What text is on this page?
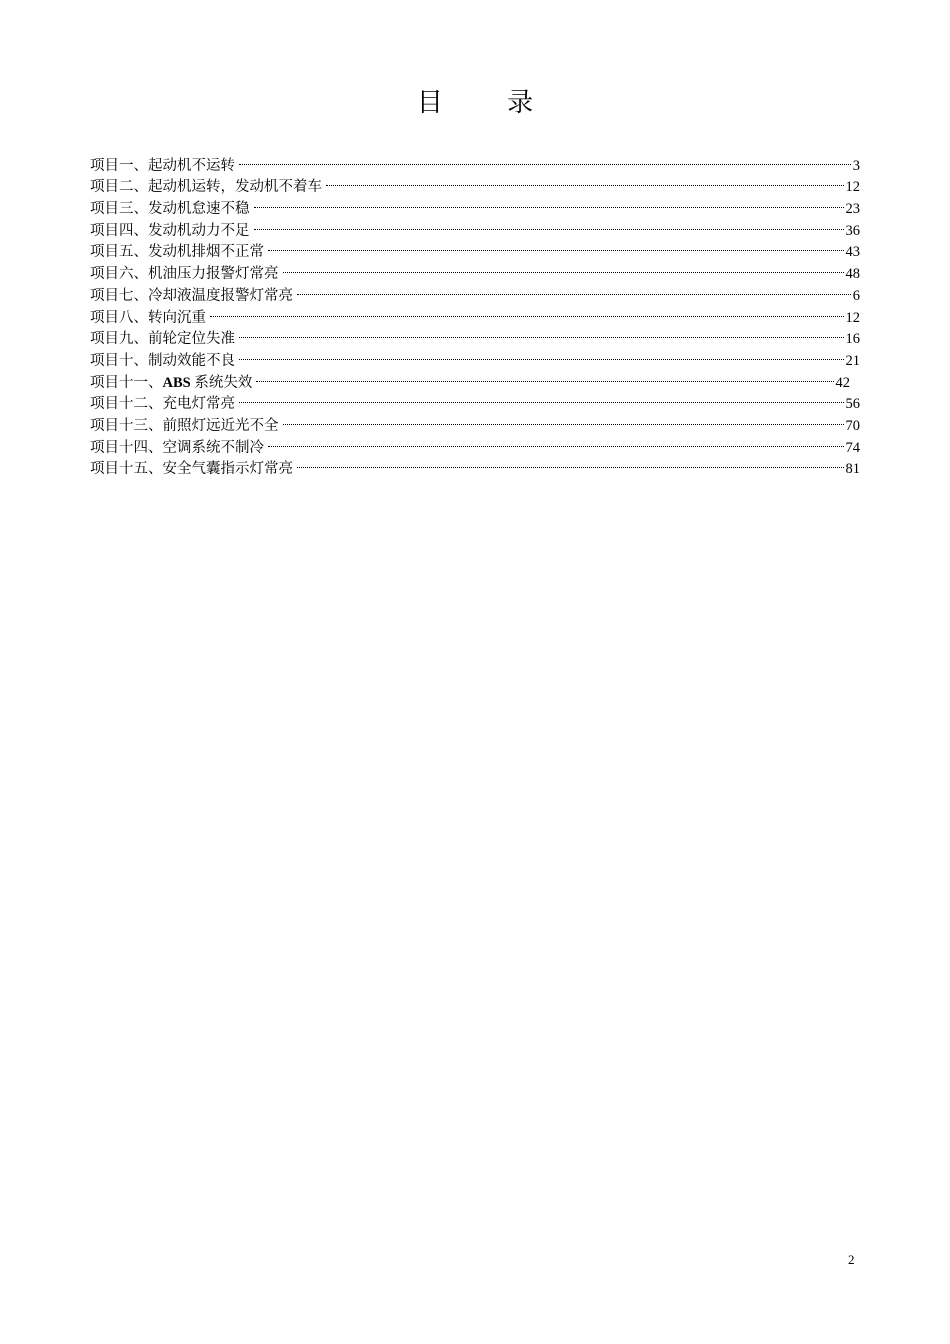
目 录
项目一、起动机不运转	3
项目二、起动机运转，发动机不着车	12
项目三、发动机怠速不稳	23
项目四、发动机动力不足	36
项目五、发动机排烟不正常	43
项目六、机油压力报警灯常亮	48
项目七、冷却液温度报警灯常亮	6
项目八、转向沉重	12
项目九、前轮定位失准	16
项目十、制动效能不良	21
项目十一、ABS 系统失效	42
项目十二、充电灯常亮	56
项目十三、前照灯远近光不全	70
项目十四、空调系统不制冷	74
项目十五、安全气囊指示灯常亮	81
2
